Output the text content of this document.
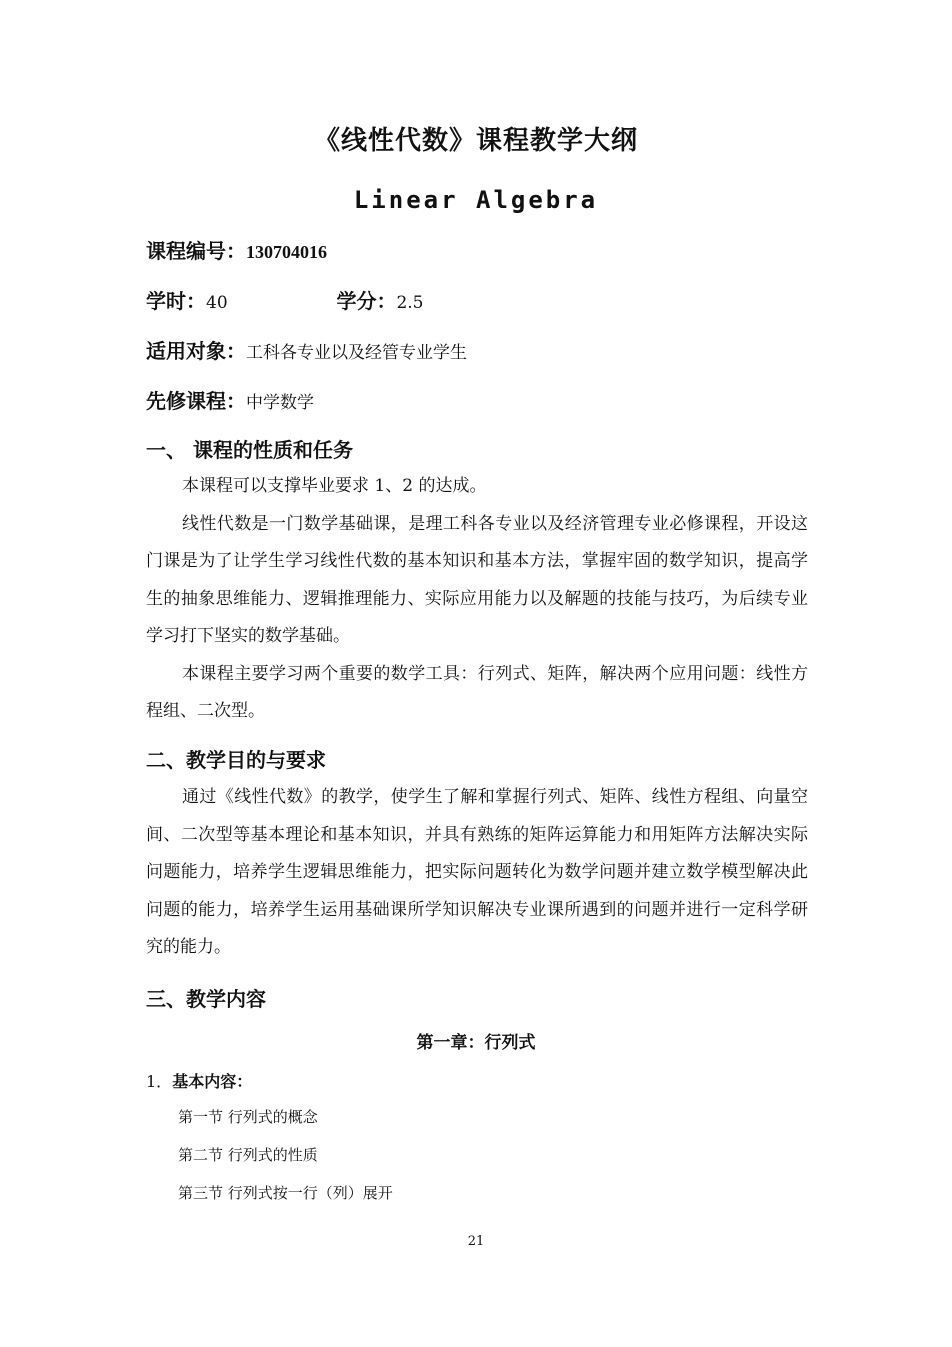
《线性代数》课程教学大纲
Linear Algebra
课程编号：130704016
学时：40	学分：2.5
适用对象：工科各专业以及经管专业学生
先修课程：中学数学
一、 课程的性质和任务

本课程可以支撑毕业要求 1、2 的达成。

线性代数是一门数学基础课，是理工科各专业以及经济管理专业必修课程，开设这门课是为了让学生学习线性代数的基本知识和基本方法，掌握牢固的数学知识，提高学生的抽象思维能力、逻辑推理能力、实际应用能力以及解题的技能与技巧，为后续专业学习打下坚实的数学基础。

本课程主要学习两个重要的数学工具：行列式、矩阵，解决两个应用问题：线性方程组、二次型。

二、教学目的与要求

通过《线性代数》的教学，使学生了解和掌握行列式、矩阵、线性方程组、向量空间、二次型等基本理论和基本知识，并具有熟练的矩阵运算能力和用矩阵方法解决实际问题能力，培养学生逻辑思维能力，把实际问题转化为数学问题并建立数学模型解决此问题的能力，培养学生运用基础课所学知识解决专业课所遇到的问题并进行一定科学研究的能力。

三、教学内容
第一章：行列式
1．基本内容：
第一节 行列式的概念
第二节 行列式的性质
第三节 行列式按一行（列）展开
21
